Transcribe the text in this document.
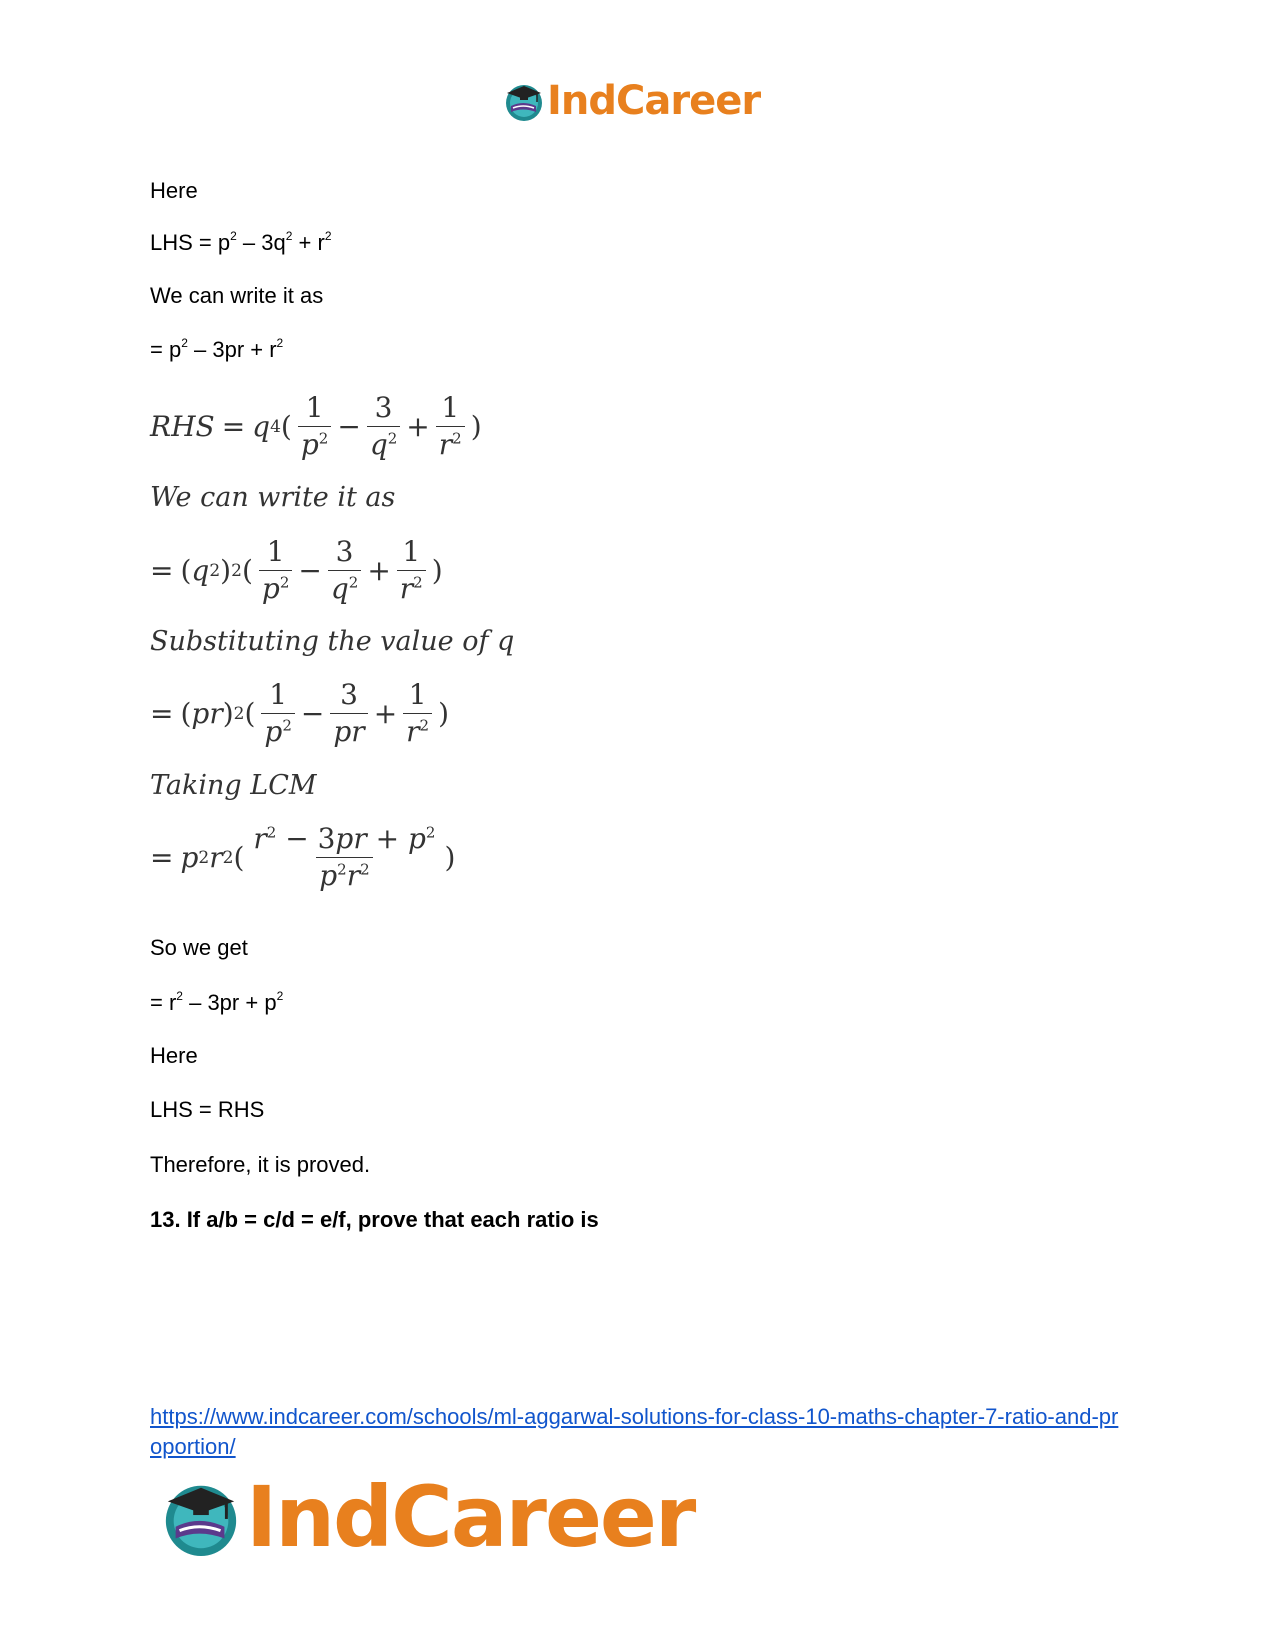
IndCareer
Here
LHS = $p^2 - 3q^2 + r^2$
We can write it as
= $p^2 - 3pr + r^2$
RHS = q 4 ( $\frac{1}{p^2} - \frac{3}{q^2} + \frac{1}{r^2}$ )
We can write it as
= ( q 2 ) 2 ( $\frac{1}{p^2} - \frac{3}{q^2} + \frac{1}{r^2}$ )
Substituting the value of q
= ( pr ) 2 ( $\frac{1}{p^2} - \frac{3}{pr} + \frac{1}{r^2}$ )
Taking LCM
= p 2 r 2 ( $\frac{r^2 - 3pr + p^2}{p^2r^2}$ )
So we get
= $r^2 - 3pr + p^2$
Here
LHS = RHS
Therefore, it is proved.
13. If a/b = c/d = e/f, prove that each ratio is
https://www.indcareer.com/schools/ml-aggarwal-solutions-for-class-10-maths-chapter-7-ratio-and-proportion/
IndCareer
